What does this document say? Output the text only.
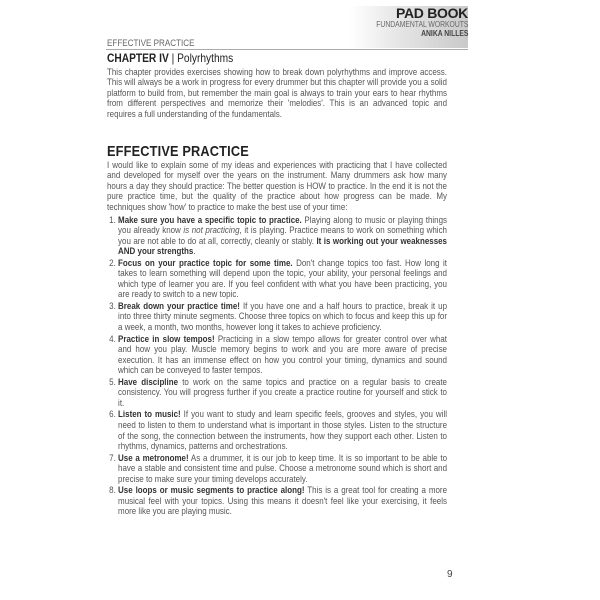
PAD BOOK
FUNDAMENTAL WORKOUTS
ANIKA NILLES
EFFECTIVE PRACTICE
CHAPTER IV | Polyrhythms

This chapter provides exercises showing how to break down polyrhythms and improve access. This will always be a work in progress for every drummer but this chapter will provide you a solid platform to build from, but remember the main goal is always to train your ears to hear rhythms from different perspectives and memorize their 'melodies'. This is an advanced topic and requires a full understanding of the fundamentals.

EFFECTIVE PRACTICE

I would like to explain some of my ideas and experiences with practicing that I have collected and developed for myself over the years on the instrument. Many drummers ask how many hours a day they should practice: The better question is HOW to practice. In the end it is not the pure practice time, but the quality of the practice about how progress can be made. My techniques show 'how' to practice to make the best use of your time:

1. Make sure you have a specific topic to practice. Playing along to music or playing things you already know is not practicing, it is playing. Practice means to work on something which you are not able to do at all, correctly, cleanly or stably. It is working out your weaknesses AND your strengths.
2. Focus on your practice topic for some time. Don't change topics too fast. How long it takes to learn something will depend upon the topic, your ability, your personal feelings and which type of learner you are. If you feel confident with what you have been practicing, you are ready to switch to a new topic.
3. Break down your practice time! If you have one and a half hours to practice, break it up into three thirty minute segments. Choose three topics on which to focus and keep this up for a week, a month, two months, however long it takes to achieve proficiency.
4. Practice in slow tempos! Practicing in a slow tempo allows for greater control over what and how you play. Muscle memory begins to work and you are more aware of precise execution. It has an immense effect on how you control your timing, dynamics and sound which can be conveyed to faster tempos.
5. Have discipline to work on the same topics and practice on a regular basis to create consistency. You will progress further if you create a practice routine for yourself and stick to it.
6. Listen to music! If you want to study and learn specific feels, grooves and styles, you will need to listen to them to understand what is important in those styles. Listen to the structure of the song, the connection between the instruments, how they support each other. Listen to rhythms, dynamics, patterns and orchestrations.
7. Use a metronome! As a drummer, it is our job to keep time. It is so important to be able to have a stable and consistent time and pulse. Choose a metronome sound which is short and precise to make sure your timing develops accurately.
8. Use loops or music segments to practice along! This is a great tool for creating a more musical feel with your topics. Using this means it doesn't feel like your exercising, it feels more like you are playing music.
9
